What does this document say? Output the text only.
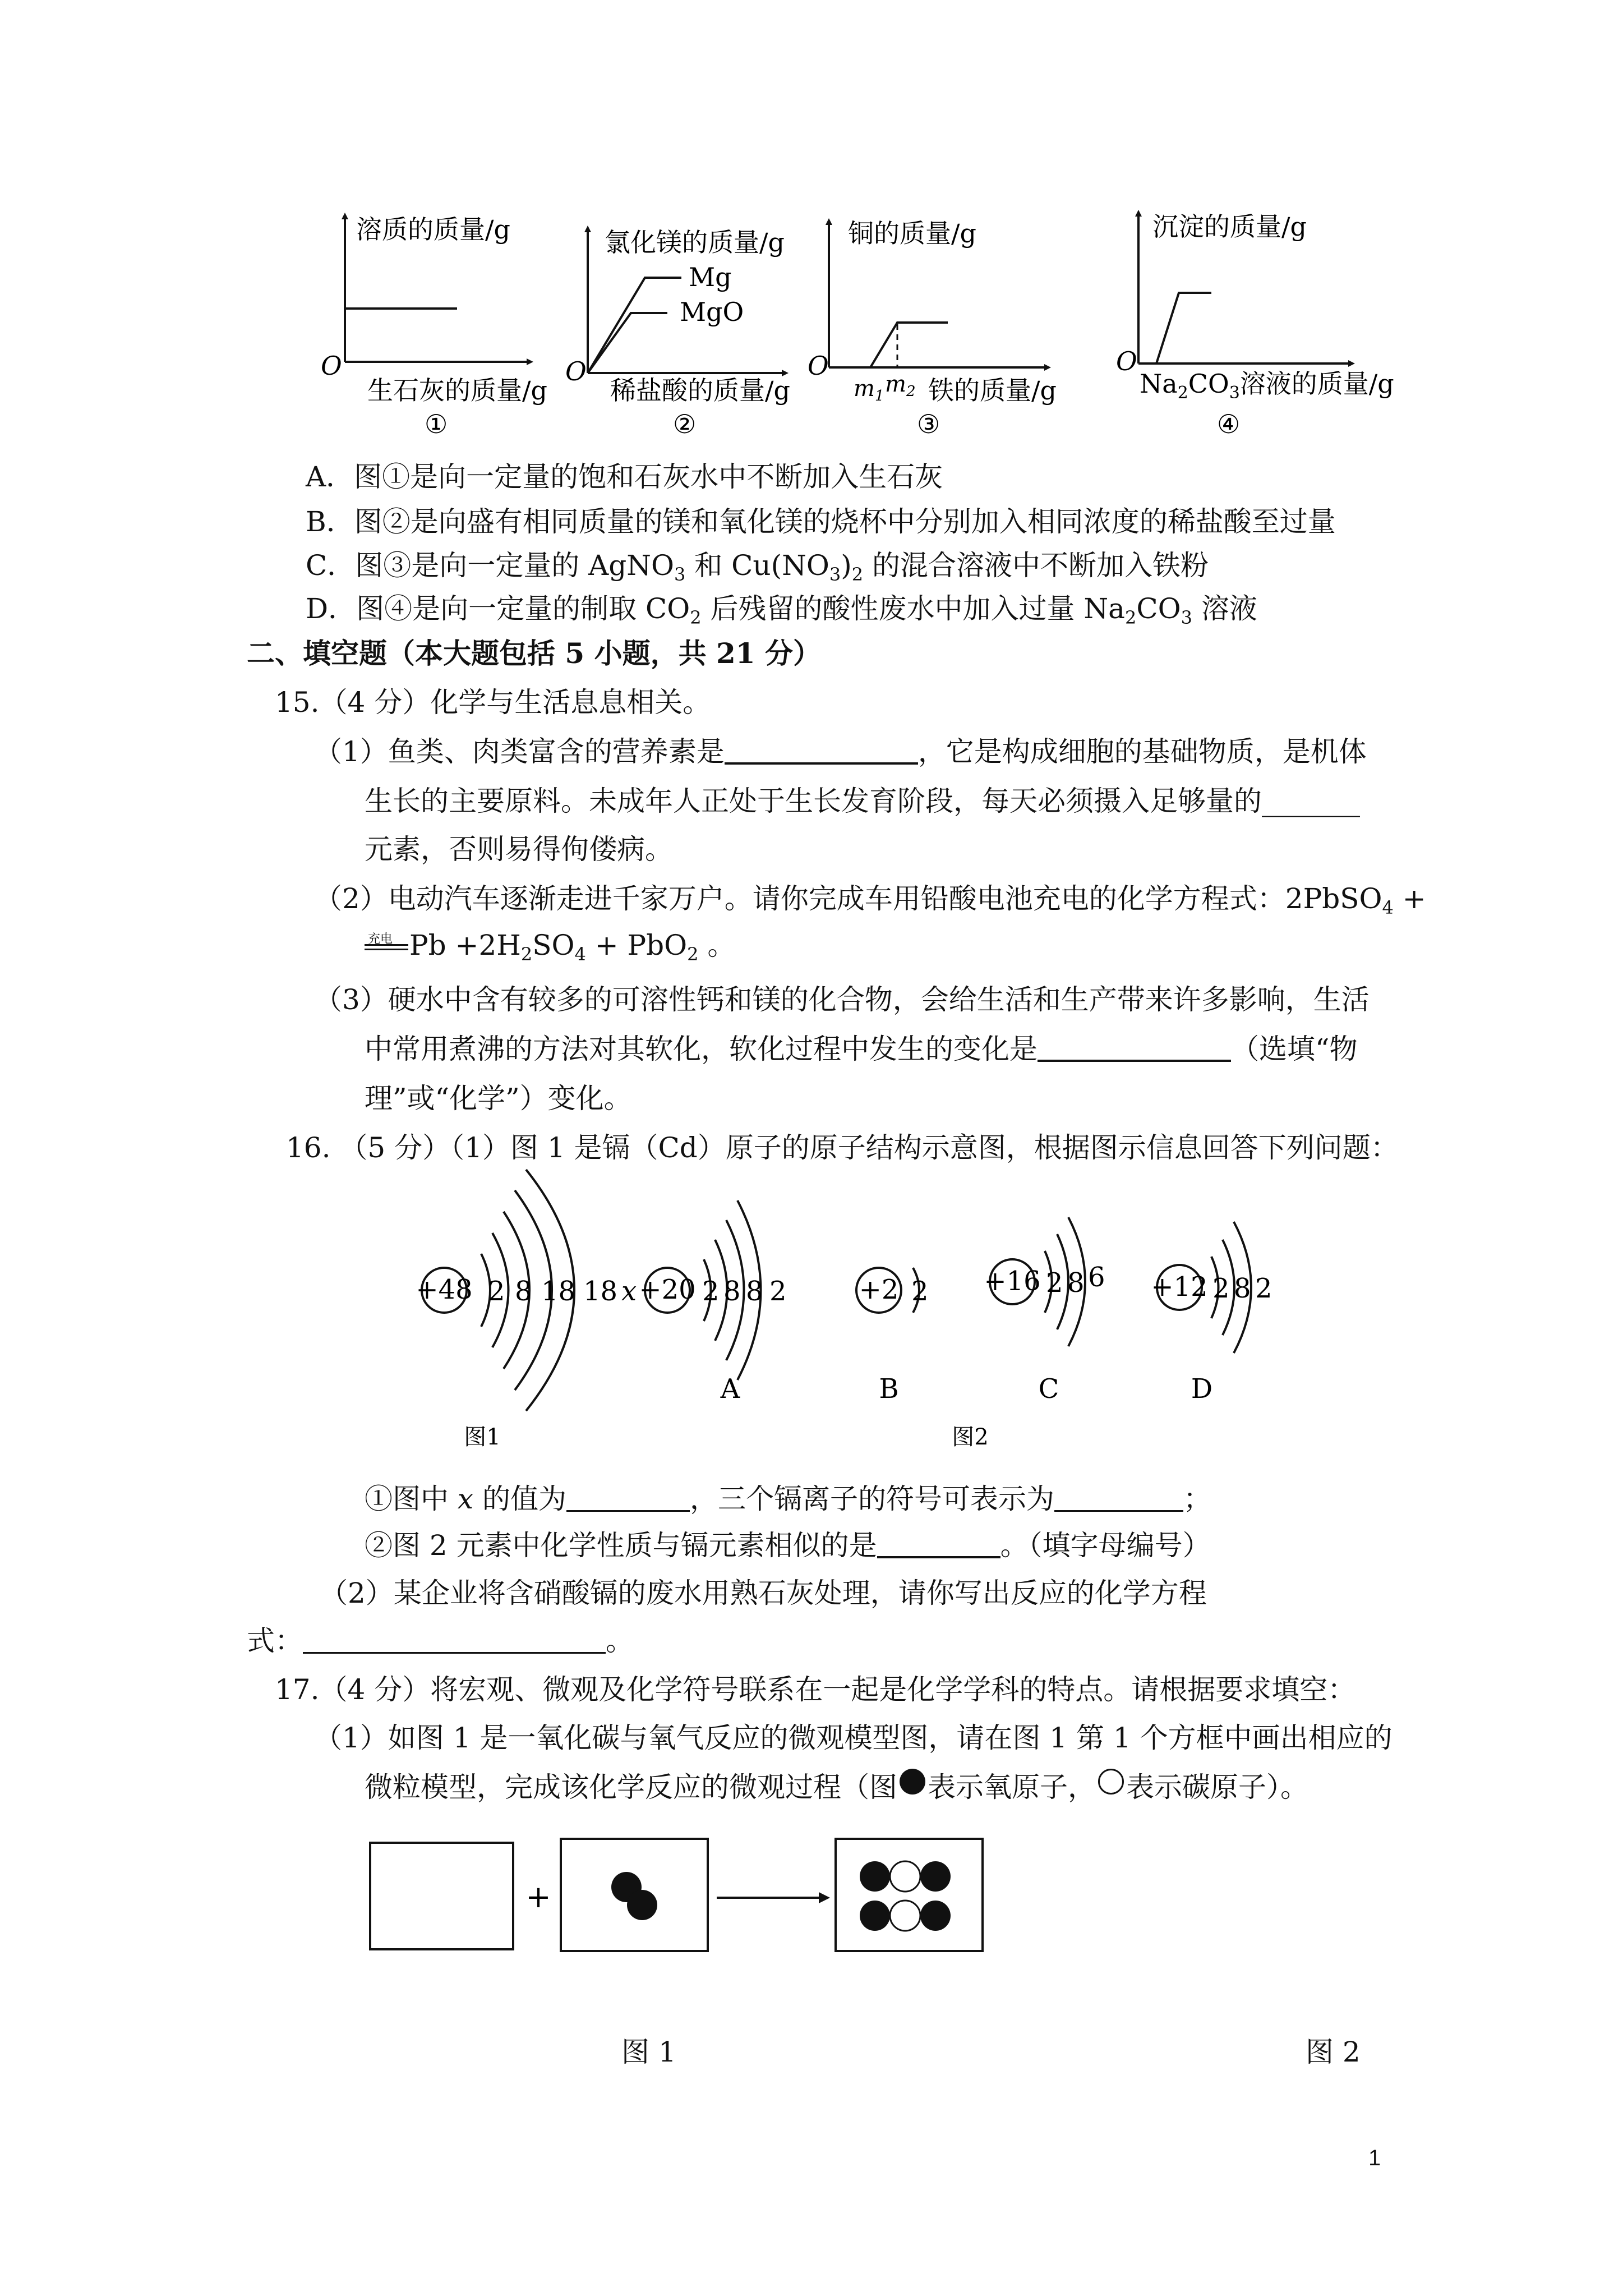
溶质的质量/g
O
生石灰的质量/g
①
氯化镁的质量/g
Mg
MgO
O
稀盐酸的质量/g
②
铜的质量/g
O
$m_1$ $m_2$ 铁的质量/g
③
沉淀的质量/g
O
$Na_2CO_3$溶液的质量/g
④
A．图①是向一定量的饱和石灰水中不断加入生石灰
B．图②是向盛有相同质量的镁和氧化镁的烧杯中分别加入相同浓度的稀盐酸至过量
C．图③是向一定量的 AgNO$_3$ 和 $Cu(NO_3)_2$ 的混合溶液中不断加入铁粉
D．图④是向一定量的制取 $CO_2$ 后残留的酸性废水中加入过量 $Na_2CO_3$ 溶液
二、填空题（本大题包括 5 小题，共 21 分）
15.（4 分）化学与生活息息相关。
（1）鱼类、肉类富含的营养素是	，它是构成细胞的基础物质，是机体
生长的主要原料。未成年人正处于生长发育阶段，每天必须摄入足够量的_______
元素，否则易得佝偻病。
（2）电动汽车逐渐走进千家万户。请你完成车用铅酸电池充电的化学方程式：2PbSO$_4$ +
充电 $Pb +2H_2SO_4 + PbO_2$ 。
（3）硬水中含有较多的可溶性钙和镁的化合物，会给生活和生产带来许多影响，生活
中常用煮沸的方法对其软化，软化过程中发生的变化是	（选填“物
理”或“化学”）变化。
16. （5 分）（1）图 1 是镉（Cd）原子的原子结构示意图，根据图示信息回答下列问题：
+48 2 8 18 18 x +20 2 8 8 2
A
+2 2
B
+16 2 8 6
C
+12 2 8 2
D
图1	图2
①图中 x 的值为	，三个镉离子的符号可表示为	；
②图 2 元素中化学性质与镉元素相似的是	。（填字母编号）
（2）某企业将含硝酸镉的废水用熟石灰处理，请你写出反应的化学方程
式：	。
17.（4 分）将宏观、微观及化学符号联系在一起是化学学科的特点。请根据要求填空：
（1）如图 1 是一氧化碳与氧气反应的微观模型图，请在图 1 第 1 个方框中画出相应的
微粒模型，完成该化学反应的微观过程（图 表示氧原子， 表示碳原子）。
+
图 1	图 2
1
